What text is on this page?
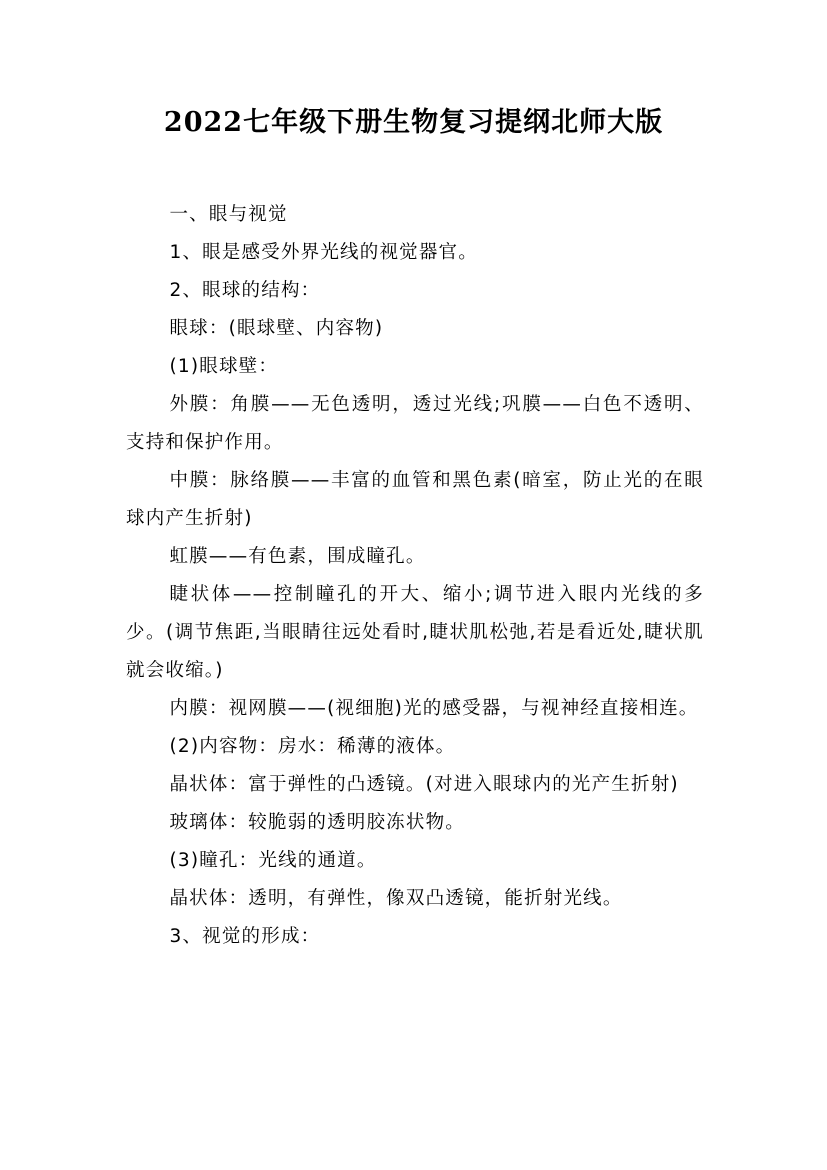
2022七年级下册生物复习提纲北师大版

一、眼与视觉

1、眼是感受外界光线的视觉器官。

2、眼球的结构：

眼球：(眼球壁、内容物)

(1)眼球壁：

外膜：角膜——无色透明，透过光线;巩膜——白色不透明、支持和保护作用。

中膜：脉络膜——丰富的血管和黑色素(暗室，防止光的在眼球内产生折射)

虹膜——有色素，围成瞳孔。

睫状体——控制瞳孔的开大、缩小;调节进入眼内光线的多少。(调节焦距,当眼睛往远处看时,睫状肌松弛,若是看近处,睫状肌就会收缩。)

内膜：视网膜——(视细胞)光的感受器，与视神经直接相连。

(2)内容物：房水：稀薄的液体。

晶状体：富于弹性的凸透镜。(对进入眼球内的光产生折射)

玻璃体：较脆弱的透明胶冻状物。

(3)瞳孔：光线的通道。

晶状体：透明，有弹性，像双凸透镜，能折射光线。

3、视觉的形成：
